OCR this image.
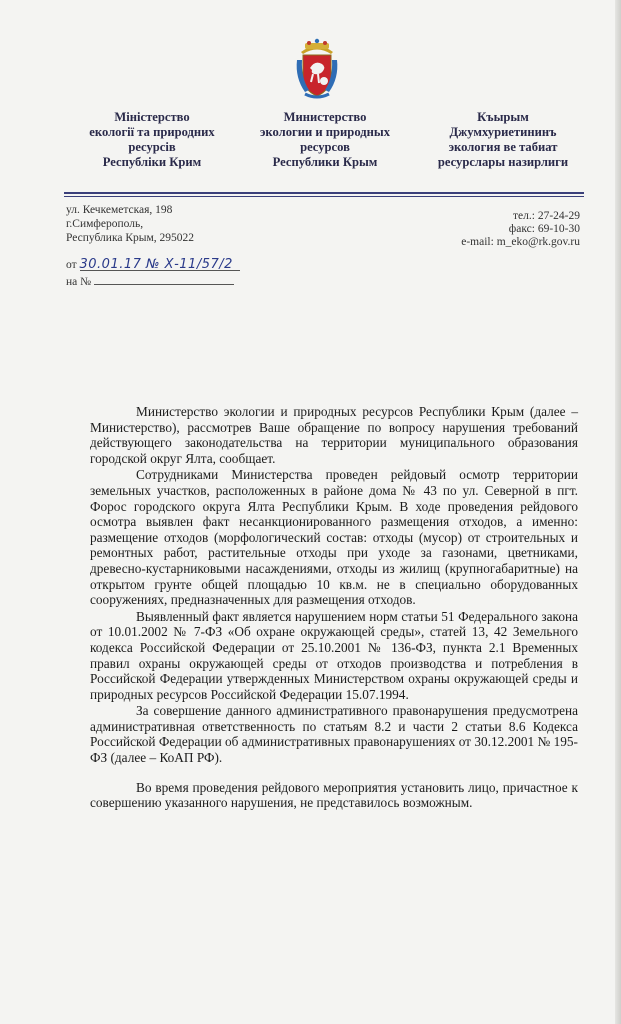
Міністерство
екології та природних
ресурсів
Республіки Крим
Министерство
экологии и природных
ресурсов
Республики Крым
Къырым
Джумхуриетининъ
экология ве табиат
ресурслары назирлиги
ул. Кечкеметская, 198
г.Симферополь,
Республика Крым, 295022
тел.: 27-24-29
факс: 69-10-30
e-mail: m_eko@rk.gov.ru
от 30.01.17 № Х-11/57/2
на №

Министерство экологии и природных ресурсов Республики Крым (далее – Министерство), рассмотрев Ваше обращение по вопросу нарушения требований действующего законодательства на территории муниципального образования городской округ Ялта, сообщает.

Сотрудниками Министерства проведен рейдовый осмотр территории земельных участков, расположенных в районе дома № 43 по ул. Северной в пгт. Форос городского округа Ялта Республики Крым. В ходе проведения рейдового осмотра выявлен факт несанкционированного размещения отходов, а именно: размещение отходов (морфологический состав: отходы (мусор) от строительных и ремонтных работ, растительные отходы при уходе за газонами, цветниками, древесно-кустарниковыми насаждениями, отходы из жилищ (крупногабаритные) на открытом грунте общей площадью 10 кв.м. не в специально оборудованных сооружениях, предназначенных для размещения отходов.

Выявленный факт является нарушением норм статьи 51 Федерального закона от 10.01.2002 № 7-ФЗ «Об охране окружающей среды», статей 13, 42 Земельного кодекса Российской Федерации от 25.10.2001 № 136-ФЗ, пункта 2.1 Временных правил охраны окружающей среды от отходов производства и потребления в Российской Федерации утвержденных Министерством охраны окружающей среды и природных ресурсов Российской Федерации 15.07.1994.

За совершение данного административного правонарушения предусмотрена административная ответственность по статьям 8.2 и части 2 статьи 8.6 Кодекса Российской Федерации об административных правонарушениях от 30.12.2001 № 195-ФЗ (далее – КоАП РФ).

Во время проведения рейдового мероприятия установить лицо, причастное к совершению указанного нарушения, не представилось возможным.
